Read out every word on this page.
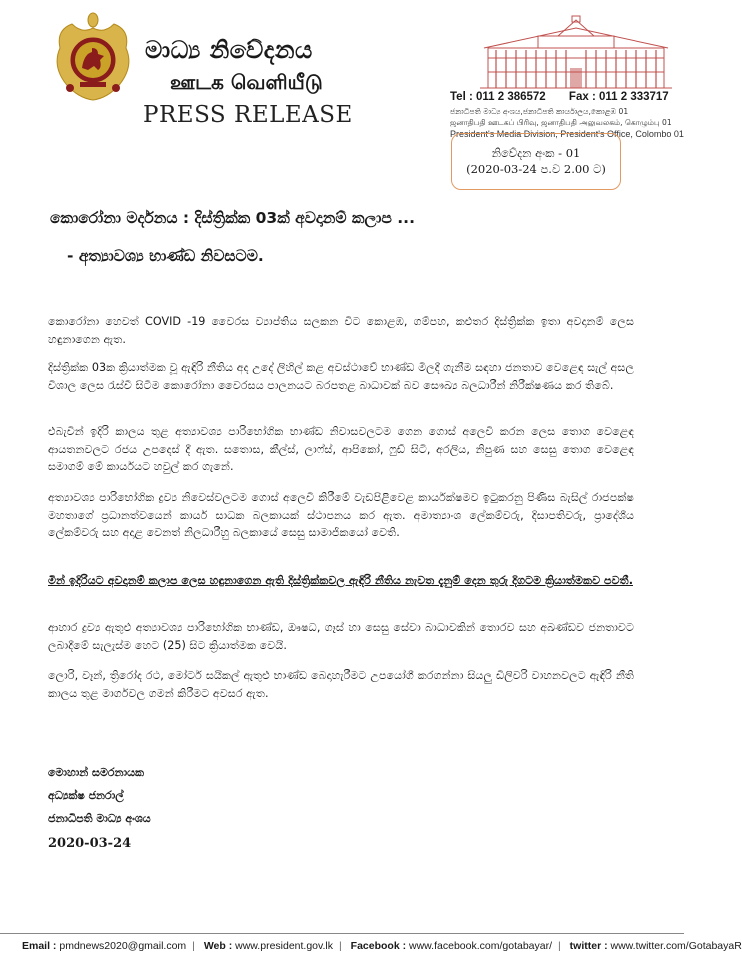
මාධ්‍ය නිවේදනය
ஊடக வெளியீடு
PRESS RELEASE
Tel : 011 2 386572 Fax : 011 2 333717
ජනාධිපති මාධ්‍ය අංශය,ජනාධිපති කාර්යාලය,කොළඹ 01
ஜனாதிபதி ஊடகப் பிரிவு, ஜனாதிபதி அலுவலகம், கொழும்பு 01
President's Media Division, President's Office, Colombo 01
නිවේදන අංක - 01
(2020-03-24 ප.ව 2.00 ට)
කොරෝනා මර්දනය : දිස්ත්‍රික්ක 03ක් අවදානම් කලාප ...
- අත්‍යාවශ්‍ය භාණ්ඩ නිවසටම.

කොරෝනා හෙවත් COVID -19 වෛරස ව්‍යාප්තිය සලකන විට කොළඹ, ගම්පහ, කළුතර දිස්ත්‍රික්ක ඉතා අවදානම් ලෙස හඳුනාගෙන ඇත.

දිස්ත්‍රික්ක 03ක ක්‍රියාත්මක වූ ඇඳිරි නීතිය අද උදේ ලිහිල් කළ අවස්ථාවේ භාණ්ඩ මිලදී ගැනීම සඳහා ජනතාව වෙළෙඳ සැල් අසල විශාල ලෙස රැස්වී සිටීම කොරෝනා වෛරසය පාලනයට බරපතළ බාධාවක් බව සෞඛ්‍ය බලධාරීන් නිරීක්ෂණය කර තිබේ.

එබැවින් ඉදිරි කාලය තුළ අත්‍යාවශ්‍ය පාරිභෝගික භාණ්ඩ නිවාසවලටම ගෙන ගොස් අලෙවි කරන ලෙස තොග වෙළෙඳ ආයතනවලට රජය උපදෙස් දී ඇත. සතොස, කීල්ස්, ලාෆ්ස්, ආපිකෝ, ෆුඩ් සිටි, අරලිය, නිපුණ සහ සෙසු තොග වෙළෙඳ සමාගම් මේ කාර්යයට හවුල් කර ගැනේ.

අත්‍යාවශ්‍ය පාරිභෝගික ද්‍රව්‍ය නිවෙස්වලටම ගොස් අලෙවි කිරීමේ වැඩපිළිවෙළ කාර්යක්ෂමව ඉටුකරනු පිණිස බැසිල් රාජපක්ෂ මහතාගේ ප්‍රධානත්වයෙන් කාර්ය සාධක බලකායක් ස්ථාපනය කර ඇත. අමාත්‍යාංශ ලේකම්වරු, දිසාපතිවරු, ප්‍රාදේශීය ලේකම්වරු සහ අදාළ වෙනත් නිලධාරීහු බලකායේ සෙසු සාමාජිකයෝ වෙති.

මින් ඉදිරියට අවදානම් කලාප ලෙස හඳුනාගෙන ඇති දිස්ත්‍රික්කවල ඇඳිරි නීතිය නැවත දැනුම් දෙන තුරු දිගටම ක්‍රියාත්මකව පවතී.

ආහාර ද්‍රව්‍ය ඇතුළු අත්‍යාවශ්‍ය පාරිභෝගික භාණ්ඩ, ඖෂධ, ගෑස් හා සෙසු සේවා බාධාවකින් තොරව සහ අඛණ්ඩව ජනතාවට ලබාදීමේ සැලැස්ම හෙට (25) සිට ක්‍රියාත්මක වෙයි.

ලොරි, වෑන්, ත්‍රිරෝද රථ, මෝටර් සයිකල් ඇතුළු භාණ්ඩ බෙදාහැරීමට උපයෝගී කරගන්නා සියලු ඩිලිවරි වාහනවලට ඇඳිරි නීති කාලය තුළ මාර්ගවල ගමන් කිරීමට අවසර ඇත.

මොහාන් සමරනායක
අධ්‍යක්ෂ ජනරාල්
ජනාධිපති මාධ්‍ය අංශය
2020-03-24
Email : pmdnews2020@gmail.com | Web : www.president.gov.lk | Facebook : www.facebook.com/gotabayar/ | twitter : www.twitter.com/GotabayaR
